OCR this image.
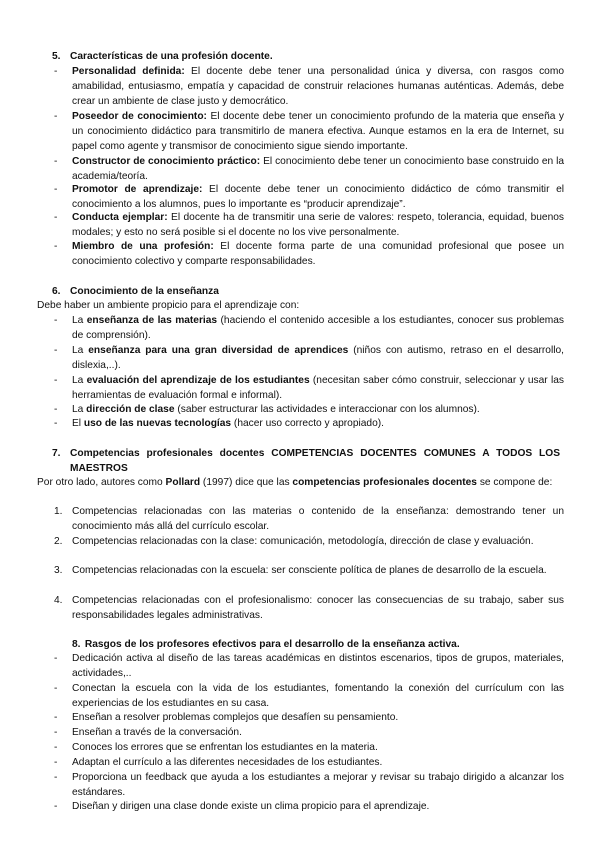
5. Características de una profesión docente.
-	Personalidad definida: El docente debe tener una personalidad única y diversa, con rasgos como amabilidad, entusiasmo, empatía y capacidad de construir relaciones humanas auténticas. Además, debe crear un ambiente de clase justo y democrático.
-	Poseedor de conocimiento: El docente debe tener un conocimiento profundo de la materia que enseña y un conocimiento didáctico para transmitirlo de manera efectiva. Aunque estamos en la era de Internet, su papel como agente y transmisor de conocimiento sigue siendo importante.
-	Constructor de conocimiento práctico: El conocimiento debe tener un conocimiento base construido en la academia/teoría.
-	Promotor de aprendizaje: El docente debe tener un conocimiento didáctico de cómo transmitir el conocimiento a los alumnos, pues lo importante es “producir aprendizaje”.
-	Conducta ejemplar: El docente ha de transmitir una serie de valores: respeto, tolerancia, equidad, buenos modales; y esto no será posible si el docente no los vive personalmente.
-	Miembro de una profesión: El docente forma parte de una comunidad profesional que posee un conocimiento colectivo y comparte responsabilidades.
6. Conocimiento de la enseñanza
Debe haber un ambiente propicio para el aprendizaje con:
-	La enseñanza de las materias (haciendo el contenido accesible a los estudiantes, conocer sus problemas de comprensión).
-	La enseñanza para una gran diversidad de aprendices (niños con autismo, retraso en el desarrollo, dislexia,..).
-	La evaluación del aprendizaje de los estudiantes (necesitan saber cómo construir, seleccionar y usar las herramientas de evaluación formal e informal).
-	La dirección de clase (saber estructurar las actividades e interaccionar con los alumnos).
-	El uso de las nuevas tecnologías (hacer uso correcto y apropiado).
7. Competencias profesionales docentes COMPETENCIAS DOCENTES COMUNES A TODOS LOS MAESTROS
Por otro lado, autores como Pollard (1997) dice que las competencias profesionales docentes se compone de:
1. Competencias relacionadas con las materias o contenido de la enseñanza: demostrando tener un conocimiento más allá del currículo escolar.
2. Competencias relacionadas con la clase: comunicación, metodología, dirección de clase y evaluación.
3. Competencias relacionadas con la escuela: ser consciente política de planes de desarrollo de la escuela.
4. Competencias relacionadas con el profesionalismo: conocer las consecuencias de su trabajo, saber sus responsabilidades legales administrativas.
8. Rasgos de los profesores efectivos para el desarrollo de la enseñanza activa.
-	Dedicación activa al diseño de las tareas académicas en distintos escenarios, tipos de grupos, materiales, actividades,..
-	Conectan la escuela con la vida de los estudiantes, fomentando la conexión del currículum con las experiencias de los estudiantes en su casa.
-	Enseñan a resolver problemas complejos que desafíen su pensamiento.
-	Enseñan a través de la conversación.
-	Conoces los errores que se enfrentan los estudiantes en la materia.
-	Adaptan el currículo a las diferentes necesidades de los estudiantes.
-	Proporciona un feedback que ayuda a los estudiantes a mejorar y revisar su trabajo dirigido a alcanzar los estándares.
-	Diseñan y dirigen una clase donde existe un clima propicio para el aprendizaje.
